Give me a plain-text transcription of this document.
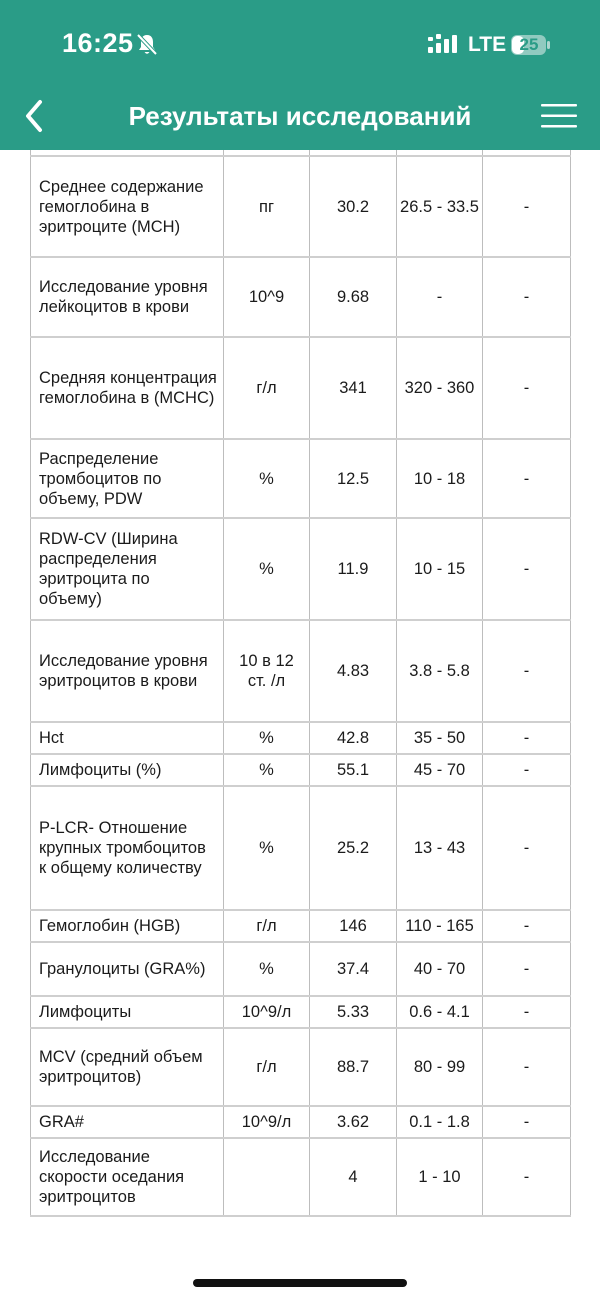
16:25	LTE 25
Результаты исследований

Среднее содержание гемоглобина в эритроците (MCH)	пг	30.2	26.5 - 33.5	-
Исследование уровня лейкоцитов в крови	10^9	9.68	-	-
Средняя концентрация гемоглобина в (MCHC)	г/л	341	320 - 360	-
Распределение тромбоцитов по объему, PDW	%	12.5	10 - 18	-
RDW-CV (Ширина распределения эритроцита по объему)	%	11.9	10 - 15	-
Исследование уровня эритроцитов в крови	10 в 12 ст. /л	4.83	3.8 - 5.8	-
Hct	%	42.8	35 - 50	-
Лимфоциты (%)	%	55.1	45 - 70	-
P-LCR- Отношение крупных тромбоцитов к общему количеству	%	25.2	13 - 43	-
Гемоглобин (HGB)	г/л	146	110 - 165	-
Гранулоциты (GRA%)	%	37.4	40 - 70	-
Лимфоциты	10^9/л	5.33	0.6 - 4.1	-
MCV (средний объем эритроцитов)	г/л	88.7	80 - 99	-
GRA#	10^9/л	3.62	0.1 - 1.8	-
Исследование скорости оседания эритроцитов		4	1 - 10	-
